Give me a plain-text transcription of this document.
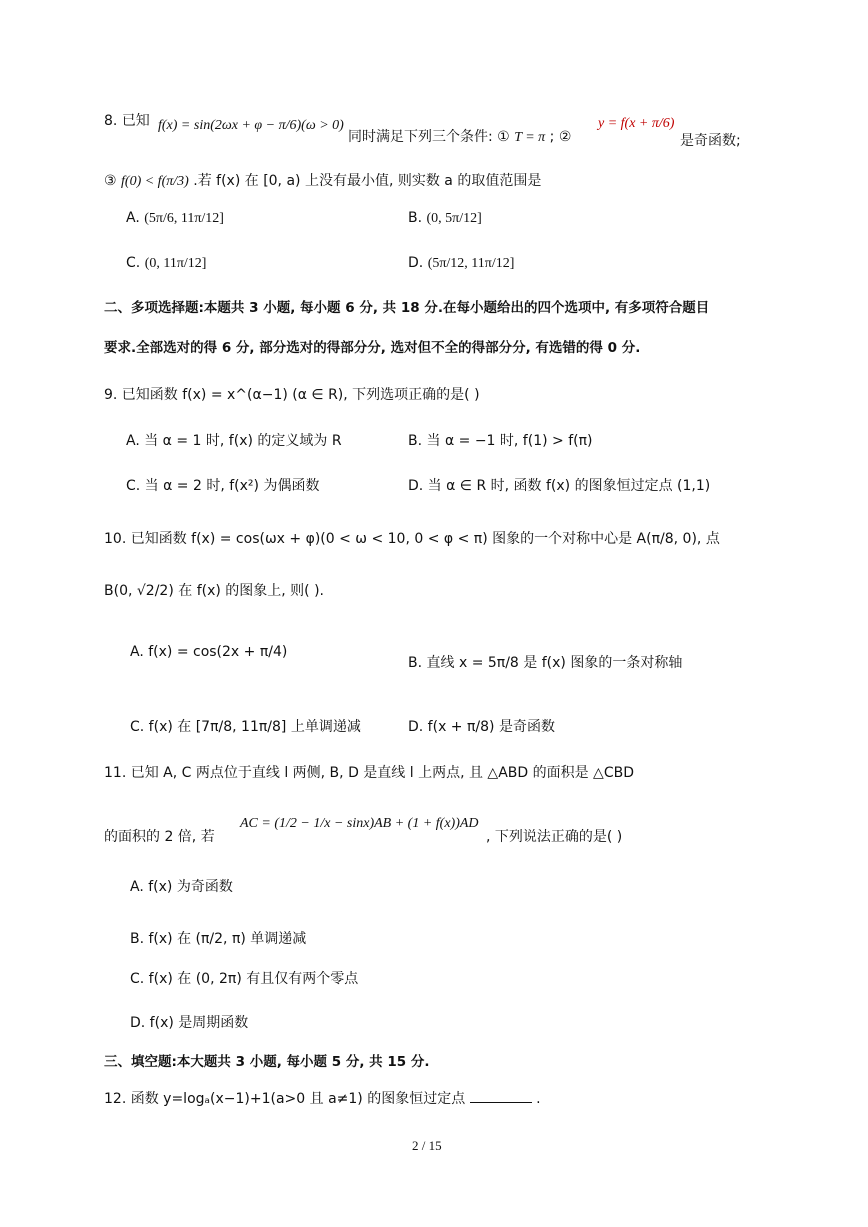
8. 已知 f(x) = sin(2ωx + φ − π/6)(ω > 0)
同时满足下列三个条件: ① T = π ; ②
y = f(x + π/6)
是奇函数;
③ f(0) < f(π/3) .若 f(x) 在 [0, a) 上没有最小值, 则实数 a 的取值范围是
A. (5π/6, 11π/12]	B. (0, 5π/12]
C. (0, 11π/12]	D. (5π/12, 11π/12]
二、多项选择题:本题共 3 小题, 每小题 6 分, 共 18 分.在每小题给出的四个选项中, 有多项符合题目
要求.全部选对的得 6 分, 部分选对的得部分分, 选对但不全的得部分分, 有选错的得 0 分.
9. 已知函数 f(x) = x^(α−1) (α ∈ R), 下列选项正确的是( )
A. 当 α = 1 时, f(x) 的定义域为 R	B. 当 α = −1 时, f(1) > f(π)
C. 当 α = 2 时, f(x²) 为偶函数	D. 当 α ∈ R 时, 函数 f(x) 的图象恒过定点 (1,1)
10. 已知函数 f(x) = cos(ωx + φ)(0 < ω < 10, 0 < φ < π) 图象的一个对称中心是 A(π/8, 0), 点
B(0, √2/2) 在 f(x) 的图象上, 则( ).
A. f(x) = cos(2x + π/4)
B. 直线 x = 5π/8 是 f(x) 图象的一条对称轴
C. f(x) 在 [7π/8, 11π/8] 上单调递减	D. f(x + π/8) 是奇函数
11. 已知 A, C 两点位于直线 l 两侧, B, D 是直线 l 上两点, 且 △ABD 的面积是 △CBD
的面积的 2 倍, 若
AC = (1/2 − 1/x − sinx)AB + (1 + f(x))AD
, 下列说法正确的是( )
A. f(x) 为奇函数
B. f(x) 在 (π/2, π) 单调递减
C. f(x) 在 (0, 2π) 有且仅有两个零点
D. f(x) 是周期函数
三、填空题:本大题共 3 小题, 每小题 5 分, 共 15 分.
12. 函数 y=logₐ(x−1)+1(a>0 且 a≠1) 的图象恒过定点	.
2 / 15
